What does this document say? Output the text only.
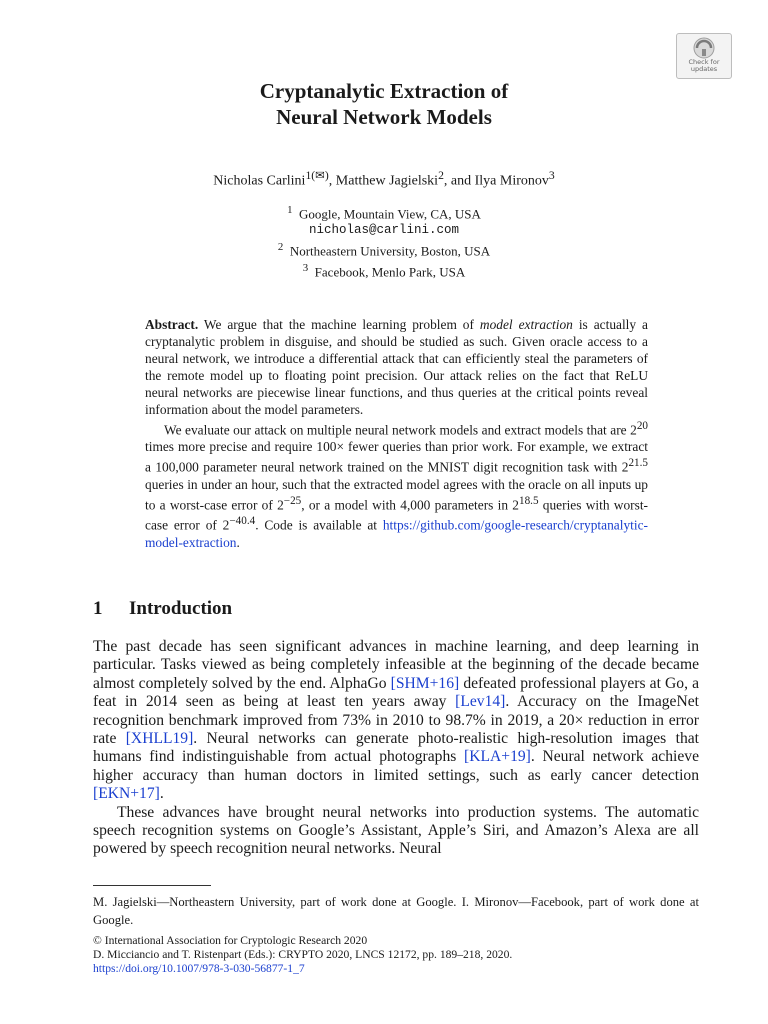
Check for
updates
Cryptanalytic Extraction of
Neural Network Models
Nicholas Carlini$^{1(✉)}$, Matthew Jagielski$^2$, and Ilya Mironov$^3$
$^1$ Google, Mountain View, CA, USA
nicholas@carlini.com
$^2$ Northeastern University, Boston, USA
$^3$ Facebook, Menlo Park, USA

Abstract. We argue that the machine learning problem of model extraction is actually a cryptanalytic problem in disguise, and should be studied as such. Given oracle access to a neural network, we introduce a differential attack that can efficiently steal the parameters of the remote model up to floating point precision. Our attack relies on the fact that ReLU neural networks are piecewise linear functions, and thus queries at the critical points reveal information about the model parameters.

We evaluate our attack on multiple neural network models and extract models that are $2^{20}$ times more precise and require 100× fewer queries than prior work. For example, we extract a 100,000 parameter neural network trained on the MNIST digit recognition task with $2^{21.5}$ queries in under an hour, such that the extracted model agrees with the oracle on all inputs up to a worst-case error of $2^{-25}$, or a model with 4,000 parameters in $2^{18.5}$ queries with worst-case error of $2^{-40.4}$. Code is available at https://github.com/google-research/cryptanalytic-model-extraction.

1 Introduction

The past decade has seen significant advances in machine learning, and deep learning in particular. Tasks viewed as being completely infeasible at the beginning of the decade became almost completely solved by the end. AlphaGo [SHM+16] defeated professional players at Go, a feat in 2014 seen as being at least ten years away [Lev14]. Accuracy on the ImageNet recognition benchmark improved from 73% in 2010 to 98.7% in 2019, a 20× reduction in error rate [XHLL19]. Neural networks can generate photo-realistic high-resolution images that humans find indistinguishable from actual photographs [KLA+19]. Neural network achieve higher accuracy than human doctors in limited settings, such as early cancer detection [EKN+17].

These advances have brought neural networks into production systems. The automatic speech recognition systems on Google’s Assistant, Apple’s Siri, and Amazon’s Alexa are all powered by speech recognition neural networks. Neural

M. Jagielski—Northeastern University, part of work done at Google. I. Mironov—Facebook, part of work done at Google.

© International Association for Cryptologic Research 2020
D. Micciancio and T. Ristenpart (Eds.): CRYPTO 2020, LNCS 12172, pp. 189–218, 2020.
https://doi.org/10.1007/978-3-030-56877-1_7
